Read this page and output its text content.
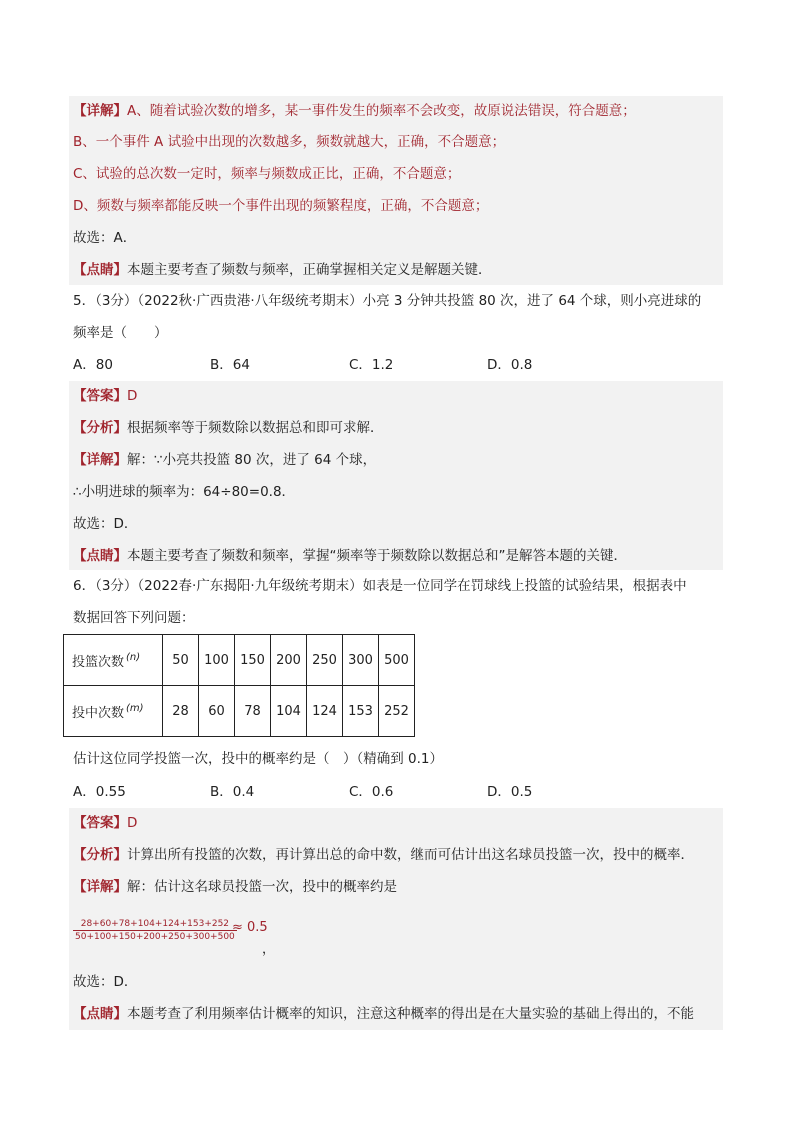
【详解】A、随着试验次数的增多，某一事件发生的频率不会改变，故原说法错误，符合题意；
B、一个事件 A 试验中出现的次数越多，频数就越大，正确，不合题意；
C、试验的总次数一定时，频率与频数成正比，正确，不合题意；
D、频数与频率都能反映一个事件出现的频繁程度，正确，不合题意；
故选：A．
【点睛】本题主要考查了频数与频率，正确掌握相关定义是解题关键．
5．（3分）（2022秋·广西贵港·八年级统考期末）小亮 3 分钟共投篮 80 次，进了 64 个球，则小亮进球的
频率是（　　）
A．80	B．64	C．1.2	D．0.8
【答案】D
【分析】根据频率等于频数除以数据总和即可求解．
【详解】解：∵小亮共投篮 80 次，进了 64 个球，
∴小明进球的频率为：64÷80=0.8．
故选：D．
【点睛】本题主要考查了频数和频率，掌握“频率等于频数除以数据总和”是解答本题的关键．
6．（3分）（2022春·广东揭阳·九年级统考期末）如表是一位同学在罚球线上投篮的试验结果，根据表中
数据回答下列问题：
投篮次数 $^{(n)}$	50	100	150	200	250	300	500
投中次数 $^{(m)}$	28	60	78	104	124	153	252
估计这位同学投篮一次，投中的概率约是（　）（精确到 0.1）
A．0.55	B．0.4	C．0.6	D．0.5
【答案】D
【分析】计算出所有投篮的次数，再计算出总的命中数，继而可估计出这名球员投篮一次，投中的概率．
【详解】解：估计这名球员投篮一次，投中的概率约是
$\frac{28+60+78+104+124+153+252}{50+100+150+200+250+300+500}$
≈ 0.5
，
故选：D．
【点睛】本题考查了利用频率估计概率的知识，注意这种概率的得出是在大量实验的基础上得出的，不能
